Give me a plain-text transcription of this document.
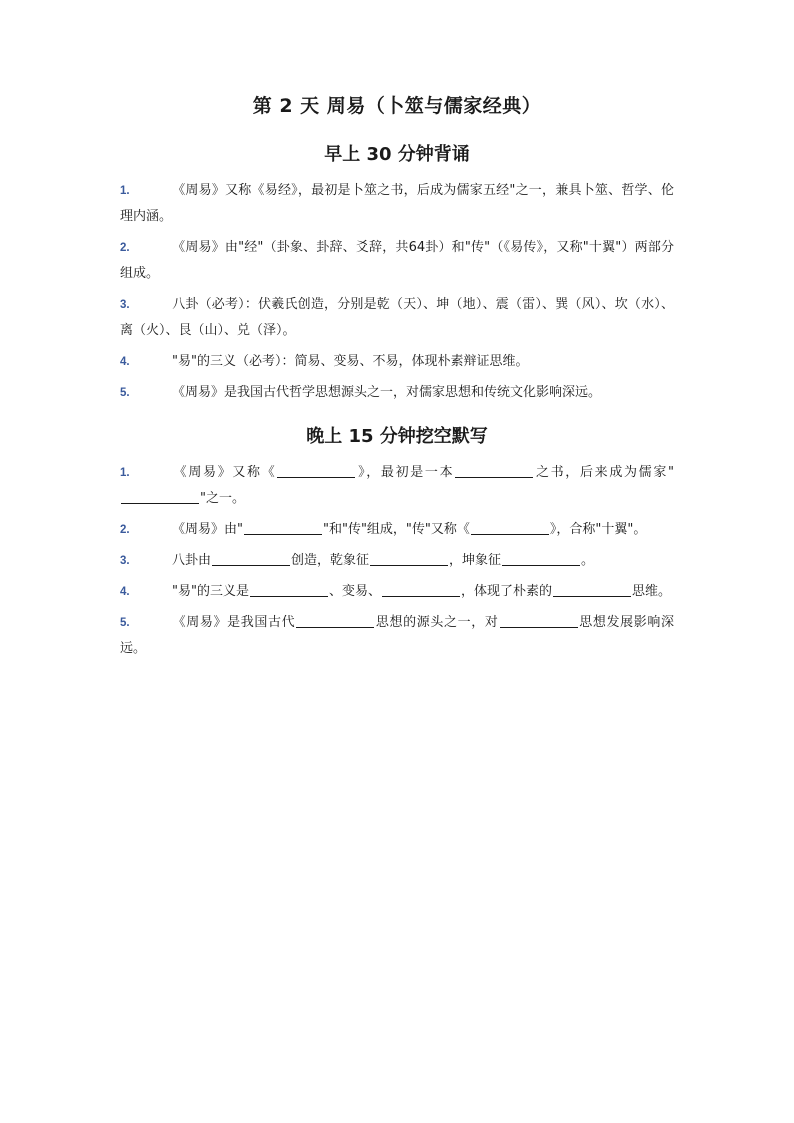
第 2 天 周易（卜筮与儒家经典）
早上 30 分钟背诵
1.	《周易》又称《易经》，最初是卜筮之书，后成为儒家五经"之一，兼具卜筮、哲学、伦理内涵。
2.	《周易》由"经"（卦象、卦辞、爻辞，共64卦）和"传"（《易传》，又称"十翼"）两部分组成。
3.	八卦（必考）：伏羲氏创造，分别是乾（天）、坤（地）、震（雷）、巽（风）、坎（水）、离（火）、艮（山）、兑（泽）。
4.	"易"的三义（必考）：简易、变易、不易，体现朴素辩证思维。
5.	《周易》是我国古代哲学思想源头之一，对儒家思想和传统文化影响深远。
晚上 15 分钟挖空默写
1.	《周易》又称《	》，最初是一本	之书，后来成为儒家""之一。
2.	《周易》由"	"和"传"组成，"传"又称《	》，合称"十翼"。
3.	八卦由	创造，乾象征	，坤象征	。
4.	"易"的三义是	、变易、	，体现了朴素的	思维。
5.	《周易》是我国古代	思想的源头之一，对	思想发展影响深远。
